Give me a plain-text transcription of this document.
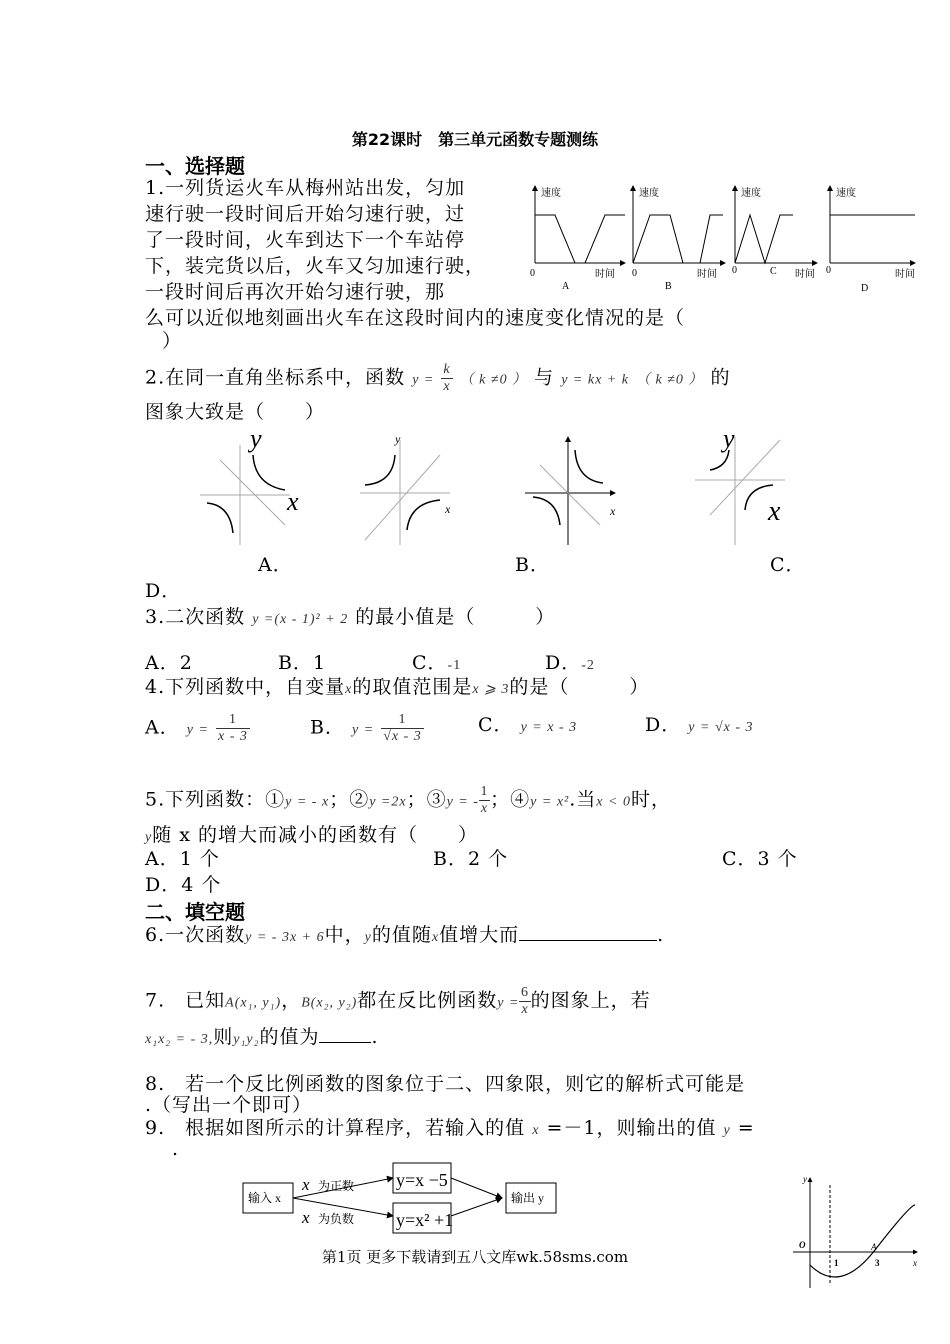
第22课时　第三单元函数专题测练
一、选择题
1.一列货运火车从梅州站出发，匀加
速行驶一段时间后开始匀速行驶，过
了一段时间，火车到达下一个车站停
下，装完货以后，火车又匀加速行驶，
一段时间后再次开始匀速行驶，那
么可以近似地刻画出火车在这段时间内的速度变化情况的是（
）
速度
时间
0
A
速度
时间
0
B
速度
时间
0	C
速度
时间
0
D
2.在同一直角坐标系中，函数 $y = \frac{k}{x}$ （ k ≠0 ） 与 y = kx + k （ k ≠0 ） 的
图象大致是（　　）
y
x
y
x	x
y
x
A．	B．	C．
D．
3.二次函数 y =(x - 1)² + 2 的最小值是（　　　）
A．2	B．1	C．-1	D．-2
4.下列函数中，自变量x的取值范围是x ⩾ 3的是（　　　）
A． $y = \frac{1}{x - 3}$	B． $y = \frac{1}{√x - 3}$	C． y = x - 3	D． y = √x - 3
5.下列函数：①y = - x；②y =2x；③y = - $\frac{1}{x}$ ；④y = x².当x < 0时，
y随 x 的增大而减小的函数有（　　）
A．1 个	B．2 个	C．3 个
D．4 个
二、填空题
6.一次函数y = - 3x + 6中，y的值随x值增大而	.
7.　已知A(x₁, y₁)，B(x₂, y₂)都在反比例函数$y = \frac{6}{x}$ 的图象上，若
x₁x₂ = - 3,则y₁y₂的值为	.
8.　若一个反比例函数的图象位于二、四象限，则它的解析式可能是
.（写出一个即可）
9.　根据如图所示的计算程序，若输入的值 x =－1，则输出的值 y =
.
输入 x
x 为正数
x 为负数
y=x −5
y=x² +1
输出 y
y
x
O
1	3
A
第1页 更多下载请到五八文库wk.58sms.com
